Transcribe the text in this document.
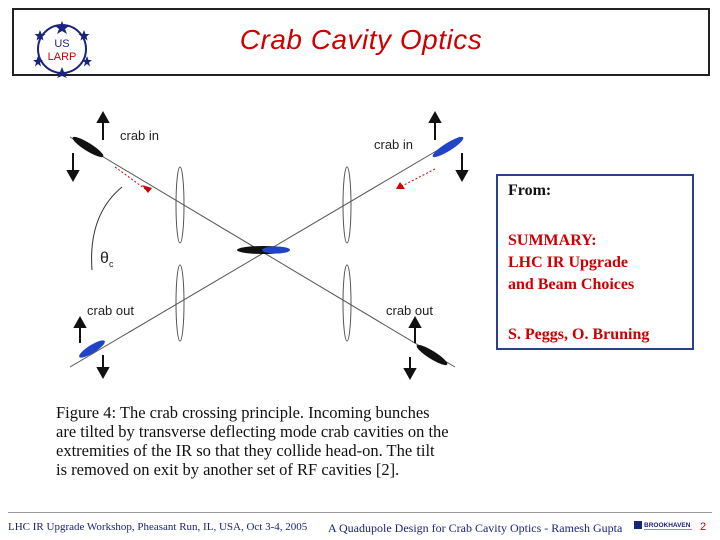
US
LARP
Crab Cavity Optics
crab in
crab in
crab out	crab out
θ c
From:
SUMMARY:
LHC IR Upgrade
and Beam Choices
S. Peggs, O. Bruning
Figure 4: The crab crossing principle. Incoming bunches
are tilted by transverse deflecting mode crab cavities on the
extremities of the IR so that they collide head-on. The tilt
is removed on exit by another set of RF cavities [2].
LHC IR Upgrade Workshop, Pheasant Run, IL, USA, Oct 3-4, 2005 A Quadupole Design for Crab Cavity Optics - Ramesh Gupta	BROOKHAVEN 2
